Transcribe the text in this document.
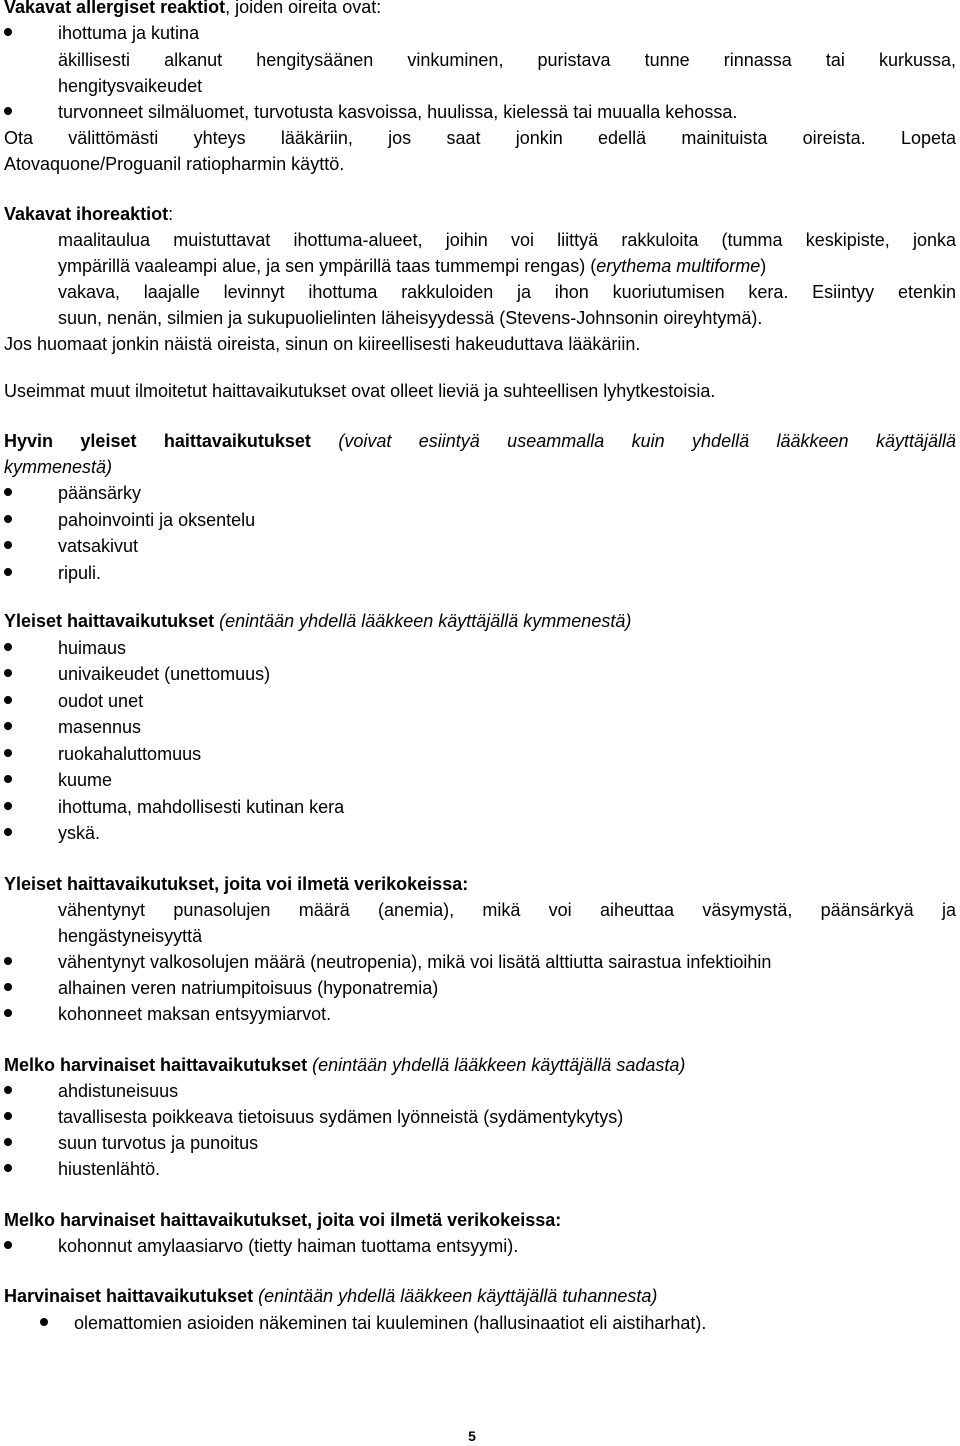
Vakavat allergiset reaktiot, joiden oireita ovat:
ihottuma ja kutina
äkillisesti alkanut hengitysäänen vinkuminen, puristava tunne rinnassa tai kurkussa,
hengitysvaikeudet
turvonneet silmäluomet, turvotusta kasvoissa, huulissa, kielessä tai muualla kehossa.
Ota välittömästi yhteys lääkäriin, jos saat jonkin edellä mainituista oireista. Lopeta
Atovaquone/Proguanil ratiopharmin käyttö.
Vakavat ihoreaktiot:
maalitaulua muistuttavat ihottuma-alueet, joihin voi liittyä rakkuloita (tumma keskipiste, jonka
ympärillä vaaleampi alue, ja sen ympärillä taas tummempi rengas) (erythema multiforme)
vakava, laajalle levinnyt ihottuma rakkuloiden ja ihon kuoriutumisen kera. Esiintyy etenkin
suun, nenän, silmien ja sukupuolielinten läheisyydessä (Stevens-Johnsonin oireyhtymä).
Jos huomaat jonkin näistä oireista, sinun on kiireellisesti hakeuduttava lääkäriin.
Useimmat muut ilmoitetut haittavaikutukset ovat olleet lieviä ja suhteellisen lyhytkestoisia.
Hyvin yleiset haittavaikutukset (voivat esiintyä useammalla kuin yhdellä lääkkeen käyttäjällä
kymmenestä)
päänsärky
pahoinvointi ja oksentelu
vatsakivut
ripuli.
Yleiset haittavaikutukset (enintään yhdellä lääkkeen käyttäjällä kymmenestä)
huimaus
univaikeudet (unettomuus)
oudot unet
masennus
ruokahaluttomuus
kuume
ihottuma, mahdollisesti kutinan kera
yskä.
Yleiset haittavaikutukset, joita voi ilmetä verikokeissa:
vähentynyt punasolujen määrä (anemia), mikä voi aiheuttaa väsymystä, päänsärkyä ja
hengästyneisyyttä
vähentynyt valkosolujen määrä (neutropenia), mikä voi lisätä alttiutta sairastua infektioihin
alhainen veren natriumpitoisuus (hyponatremia)
kohonneet maksan entsyymiarvot.
Melko harvinaiset haittavaikutukset (enintään yhdellä lääkkeen käyttäjällä sadasta)
ahdistuneisuus
tavallisesta poikkeava tietoisuus sydämen lyönneistä (sydämentykytys)
suun turvotus ja punoitus
hiustenlähtö.
Melko harvinaiset haittavaikutukset, joita voi ilmetä verikokeissa:
kohonnut amylaasiarvo (tietty haiman tuottama entsyymi).
Harvinaiset haittavaikutukset (enintään yhdellä lääkkeen käyttäjällä tuhannesta)
olemattomien asioiden näkeminen tai kuuleminen (hallusinaatiot eli aistiharhat).
5
